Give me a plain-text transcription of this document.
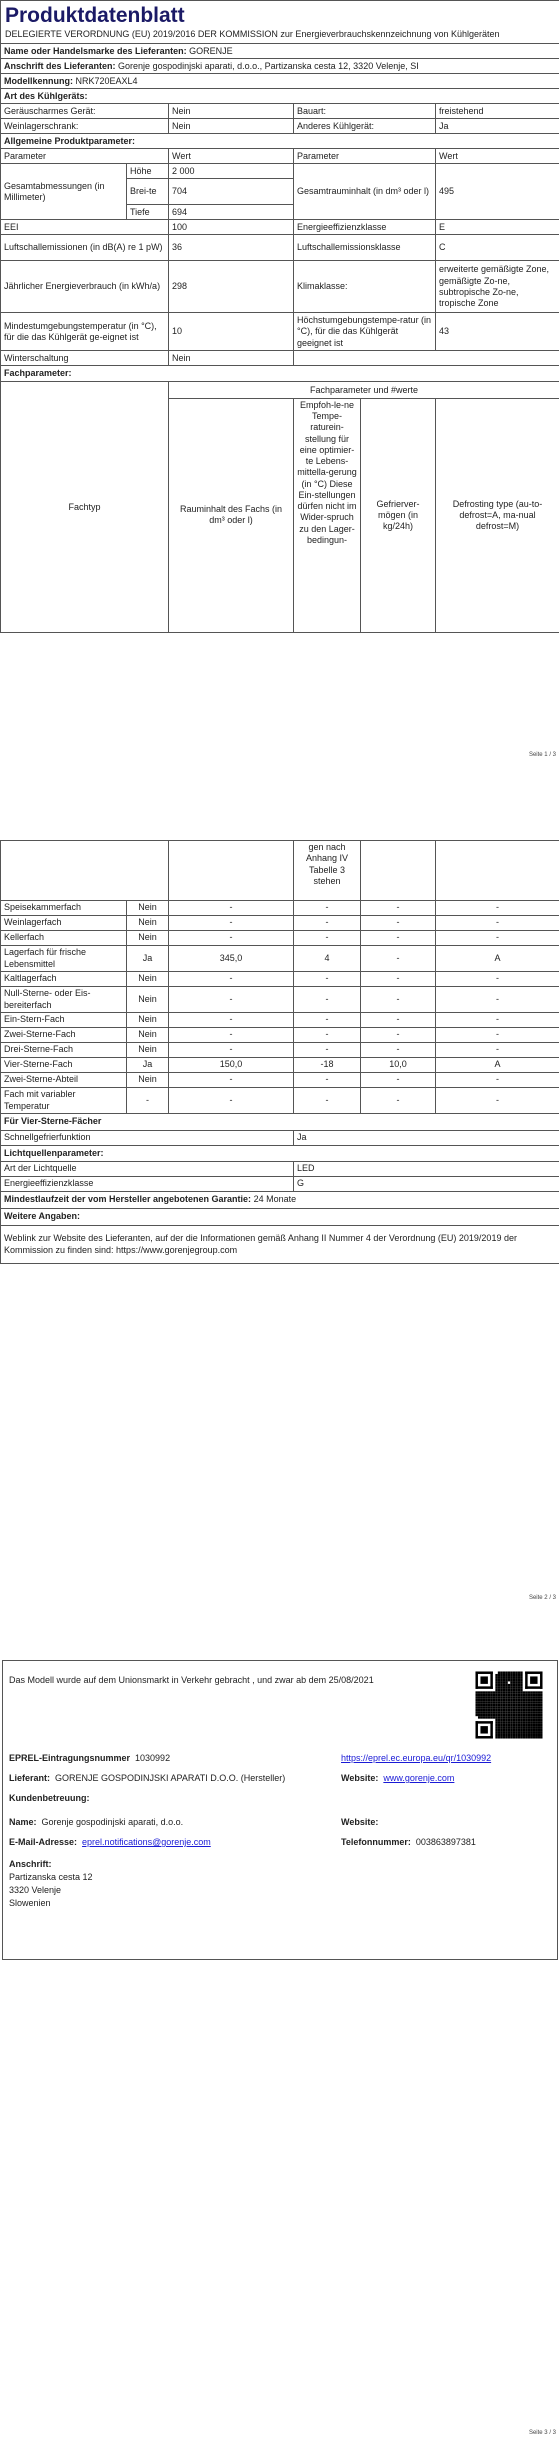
Produktdatenblatt
DELEGIERTE VERORDNUNG (EU) 2019/2016 DER KOMMISSION zur Energieverbrauchskennzeichnung von Kühlgeräten				

Name oder Handelsmarke des Lieferanten: GORENJE				
Anschrift des Lieferanten: Gorenje gospodinjski aparati, d.o.o., Partizanska cesta 12, 3320 Velenje, SI				
Modellkennung: NRK720EAXL4				
Art des Kühlgeräts:				
Geräuscharmes Gerät:		Nein	Bauart:	freistehend
Weinlagerschrank:		Nein	Anderes Kühlgerät:	Ja
Allgemeine Produktparameter:				
Parameter		Wert	Parameter	Wert
Gesamtabmessungen (in Millimeter)	Höhe	2 000	Gesamtrauminhalt (in dm³ oder l)	495
	Brei-te	704		
	Tiefe	694		
EEI		100	Energieeffizienzklasse	E
Luftschallemissionen (in dB(A) re 1 pW)		36	Luftschallemissionsklasse	C
Jährlicher Energieverbrauch (in kWh/a)		298	Klimaklasse:	erweiterte gemäßigte Zone, gemäßigte Zo-ne, subtropische Zo-ne, tropische Zone
Mindestumgebungstemperatur (in °C), für die das Kühlgerät ge-eignet ist		10	Höchstumgebungstempe-ratur (in °C), für die das Kühlgerät geeignet ist	43
Winterschaltung		Nein		
Fachparameter:				
Fachtyp	Fachparameter und #werte			
	Rauminhalt des Fachs (in dm³ oder l)	Empfoh-le-ne Tempe-raturein-stellung für eine optimier-te Lebens-mittella-gerung (in °C) Diese Ein-stellungen dürfen nicht im Wider-spruch zu den Lager-bedingun-	Gefrierver-mögen (in kg/24h)	Defrosting type (au-to-defrost=A, ma-nual defrost=M)
Seite 1 / 3
			gen nach Anhang IV Tabelle 3 stehen		
Speisekammerfach	Nein	-	-	-	-
Weinlagerfach	Nein	-	-	-	-
Kellerfach	Nein	-	-	-	-
Lagerfach für frische Lebensmittel	Ja	345,0	4	-	A
Kaltlagerfach	Nein	-	-	-	-
Null-Sterne- oder Eis-bereiterfach	Nein	-	-	-	-
Ein-Stern-Fach	Nein	-	-	-	-
Zwei-Sterne-Fach	Nein	-	-	-	-
Drei-Sterne-Fach	Nein	-	-	-	-
Vier-Sterne-Fach	Ja	150,0	-18	10,0	A
Zwei-Sterne-Abteil	Nein	-	-	-	-
Fach mit variabler Temperatur	-	-	-	-	-
Für Vier-Sterne-Fächer					
Schnellgefrierfunktion			Ja		
Lichtquellenparameter:					
Art der Lichtquelle			LED		
Energieeffizienzklasse			G		
Mindestlaufzeit der vom Hersteller angebotenen Garantie: 24 Monate					
Weitere Angaben:					
Weblink zur Website des Lieferanten, auf der die Informationen gemäß Anhang II Nummer 4 der Verordnung (EU) 2019/2019 der Kommission zu finden sind: https://www.gorenjegroup.com					
Seite 2 / 3
Das Modell wurde auf dem Unionsmarkt in Verkehr gebracht , und zwar ab dem 25/08/2021
EPREL-Eintragungsnummer 1030992	https://eprel.ec.europa.eu/qr/1030992
Lieferant: GORENJE GOSPODINJSKI APARATI D.O.O. (Hersteller)	Website: www.gorenje.com
Kundenbetreuung:
Name: Gorenje gospodinjski aparati, d.o.o.	Website:
E-Mail-Adresse: eprel.notifications@gorenje.com	Telefonnummer: 003863897381
Anschrift:
Partizanska cesta 12
3320 Velenje
Slowenien
Seite 3 / 3
